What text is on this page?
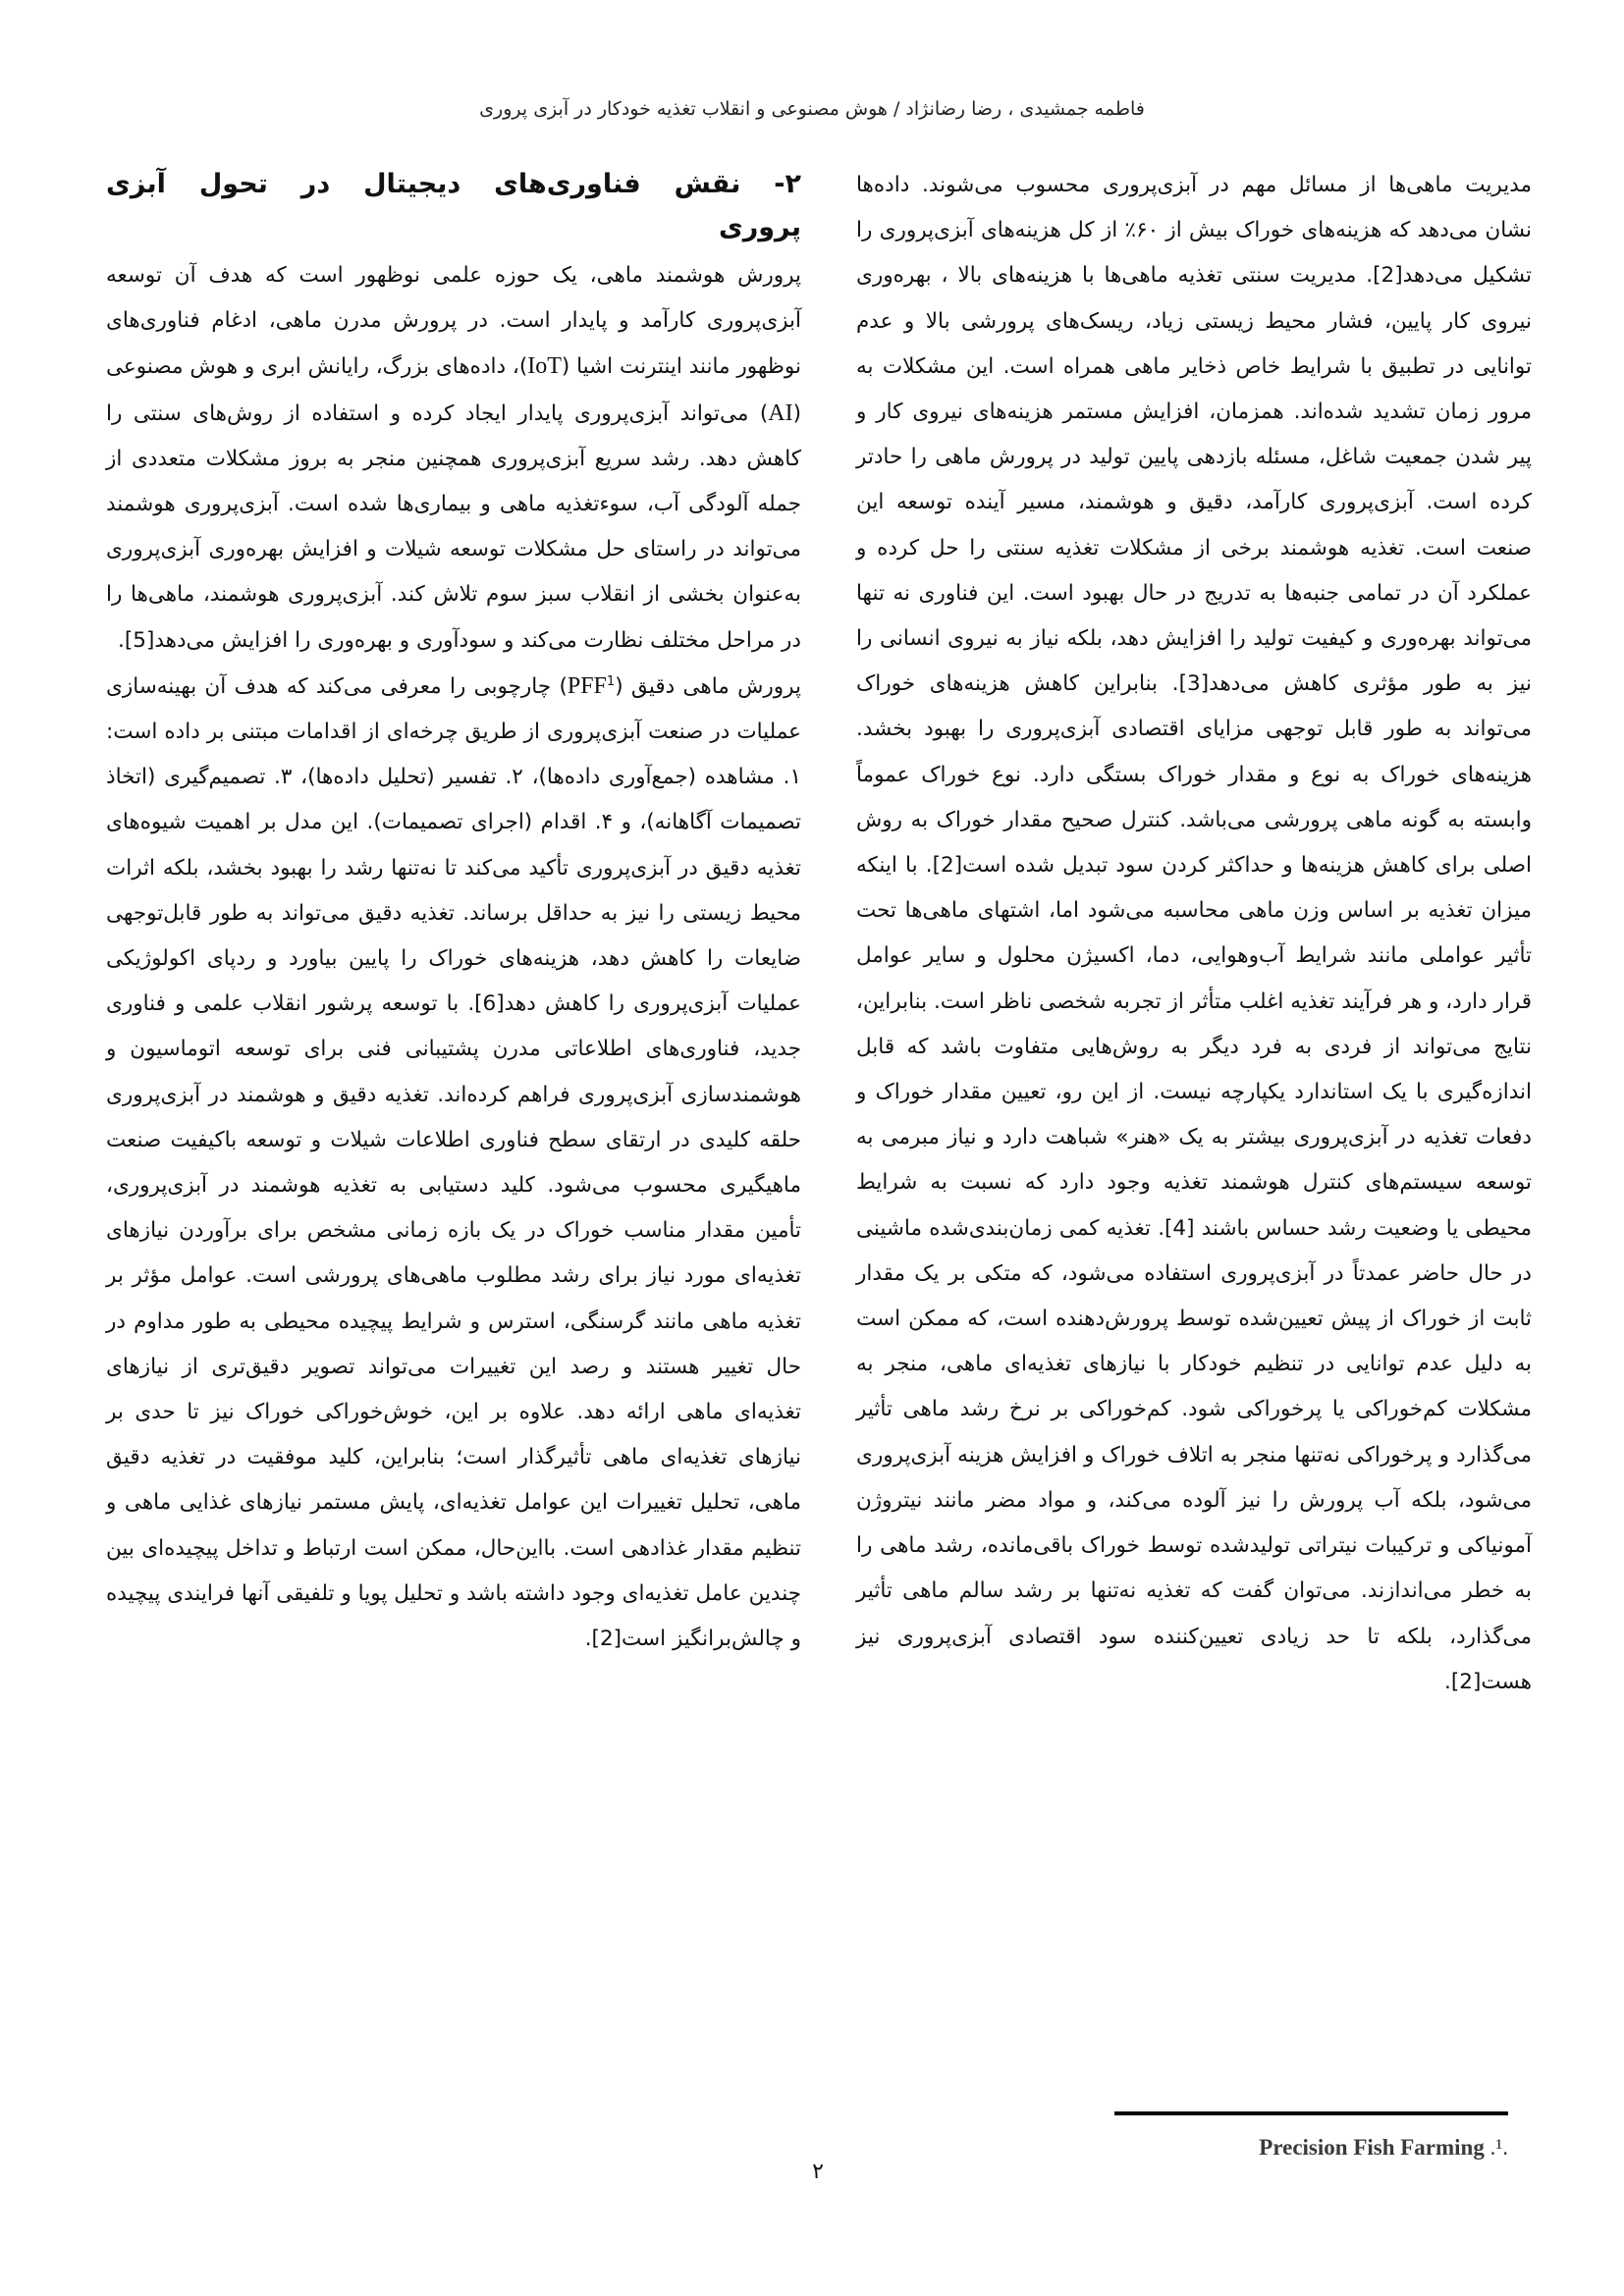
فاطمه جمشیدی ، رضا رضانژاد / هوش مصنوعی و انقلاب تغذیه خودکار در آبزی پروری

مدیریت ماهی‌ها از مسائل مهم در آبزی‌پروری محسوب می‌شوند. داده‌ها نشان می‌دهد که هزینه‌های خوراک بیش از ۶۰٪ از کل هزینه‌های آبزی‌پروری را تشکیل می‌دهد[2]. مدیریت سنتی تغذیه ماهی‌ها با هزینه‌های بالا ، بهره‌وری نیروی کار پایین، فشار محیط زیستی زیاد، ریسک‌های پرورشی بالا و عدم توانایی در تطبیق با شرایط خاص ذخایر ماهی همراه است. این مشکلات به مرور زمان تشدید شده‌اند. همزمان، افزایش مستمر هزینه‌های نیروی کار و پیر شدن جمعیت شاغل، مسئله بازدهی پایین تولید در پرورش ماهی را حادتر کرده است. آبزی‌پروری کارآمد، دقیق و هوشمند، مسیر آینده توسعه این صنعت است. تغذیه هوشمند برخی از مشکلات تغذیه سنتی را حل کرده و عملکرد آن در تمامی جنبه‌ها به تدریج در حال بهبود است. این فناوری نه تنها می‌تواند بهره‌وری و کیفیت تولید را افزایش دهد، بلکه نیاز به نیروی انسانی را نیز به طور مؤثری کاهش می‌دهد[3]. بنابراین کاهش هزینه‌های خوراک می‌تواند به طور قابل توجهی مزایای اقتصادی آبزی‌پروری را بهبود بخشد. هزینه‌های خوراک به نوع و مقدار خوراک بستگی دارد. نوع خوراک عموماً وابسته به گونه ماهی پرورشی می‌باشد. کنترل صحیح مقدار خوراک به روش اصلی برای کاهش هزینه‌ها و حداکثر کردن سود تبدیل شده است[2]. با اینکه میزان تغذیه بر اساس وزن ماهی محاسبه می‌شود اما، اشتهای ماهی‌ها تحت تأثیر عواملی مانند شرایط آب‌وهوایی، دما، اکسیژن محلول و سایر عوامل قرار دارد، و هر فرآیند تغذیه اغلب متأثر از تجربه شخصی ناظر است. بنابراین، نتایج می‌تواند از فردی به فرد دیگر به روش‌هایی متفاوت باشد که قابل اندازه‌گیری با یک استاندارد یکپارچه نیست. از این رو، تعیین مقدار خوراک و دفعات تغذیه در آبزی‌پروری بیشتر به یک «هنر» شباهت دارد و نیاز مبرمی به توسعه سیستم‌های کنترل هوشمند تغذیه وجود دارد که نسبت به شرایط محیطی یا وضعیت رشد حساس باشند [4]. تغذیه کمی زمان‌بندی‌شده ماشینی در حال حاضر عمدتاً در آبزی‌پروری استفاده می‌شود، که متکی بر یک مقدار ثابت از خوراک از پیش تعیین‌شده توسط پرورش‌دهنده است، که ممکن است به دلیل عدم توانایی در تنظیم خودکار با نیازهای تغذیه‌ای ماهی، منجر به مشکلات کم‌خوراکی یا پرخوراکی شود. کم‌خوراکی بر نرخ رشد ماهی تأثیر می‌گذارد و پرخوراکی نه‌تنها منجر به اتلاف خوراک و افزایش هزینه آبزی‌پروری می‌شود، بلکه آب پرورش را نیز آلوده می‌کند، و مواد مضر مانند نیتروژن آمونیاکی و ترکیبات نیتراتی تولیدشده توسط خوراک باقی‌مانده، رشد ماهی را به خطر می‌اندازند. می‌توان گفت که تغذیه نه‌تنها بر رشد سالم ماهی تأثیر می‌گذارد، بلکه تا حد زیادی تعیین‌کننده سود اقتصادی آبزی‌پروری نیز هست[2].

۲- نقش فناوری‌های دیجیتال در تحول آبزی پروری

پرورش هوشمند ماهی، یک حوزه علمی نوظهور است که هدف آن توسعه آبزی‌پروری کارآمد و پایدار است. در پرورش مدرن ماهی، ادغام فناوری‌های نوظهور مانند اینترنت اشیا (IoT)، داده‌های بزرگ، رایانش ابری و هوش مصنوعی (AI) می‌تواند آبزی‌پروری پایدار ایجاد کرده و استفاده از روش‌های سنتی را کاهش دهد. رشد سریع آبزی‌پروری همچنین منجر به بروز مشکلات متعددی از جمله آلودگی آب، سوءتغذیه ماهی و بیماری‌ها شده است. آبزی‌پروری هوشمند می‌تواند در راستای حل مشکلات توسعه شیلات و افزایش بهره‌وری آبزی‌پروری به‌عنوان بخشی از انقلاب سبز سوم تلاش کند. آبزی‌پروری هوشمند، ماهی‌ها را در مراحل مختلف نظارت می‌کند و سودآوری و بهره‌وری را افزایش می‌دهد[5].

پرورش ماهی دقیق (PFF$^1$) چارچوبی را معرفی می‌کند که هدف آن بهینه‌سازی عملیات در صنعت آبزی‌پروری از طریق چرخه‌ای از اقدامات مبتنی بر داده است: ۱. مشاهده (جمع‌آوری داده‌ها)، ۲. تفسیر (تحلیل داده‌ها)، ۳. تصمیم‌گیری (اتخاذ تصمیمات آگاهانه)، و ۴. اقدام (اجرای تصمیمات). این مدل بر اهمیت شیوه‌های تغذیه دقیق در آبزی‌پروری تأکید می‌کند تا نه‌تنها رشد را بهبود بخشد، بلکه اثرات محیط زیستی را نیز به حداقل برساند. تغذیه دقیق می‌تواند به طور قابل‌توجهی ضایعات را کاهش دهد، هزینه‌های خوراک را پایین بیاورد و ردپای اکولوژیکی عملیات آبزی‌پروری را کاهش دهد[6]. با توسعه پرشور انقلاب علمی و فناوری جدید، فناوری‌های اطلاعاتی مدرن پشتیبانی فنی برای توسعه اتوماسیون و هوشمندسازی آبزی‌پروری فراهم کرده‌اند. تغذیه دقیق و هوشمند در آبزی‌پروری حلقه کلیدی در ارتقای سطح فناوری اطلاعات شیلات و توسعه باکیفیت صنعت ماهیگیری محسوب می‌شود. کلید دستیابی به تغذیه هوشمند در آبزی‌پروری، تأمین مقدار مناسب خوراک در یک بازه زمانی مشخص برای برآوردن نیازهای تغذیه‌ای مورد نیاز برای رشد مطلوب ماهی‌های پرورشی است. عوامل مؤثر بر تغذیه ماهی مانند گرسنگی، استرس و شرایط پیچیده محیطی به طور مداوم در حال تغییر هستند و رصد این تغییرات می‌تواند تصویر دقیق‌تری از نیازهای تغذیه‌ای ماهی ارائه دهد. علاوه بر این، خوش‌خوراکی خوراک نیز تا حدی بر نیازهای تغذیه‌ای ماهی تأثیرگذار است؛ بنابراین، کلید موفقیت در تغذیه دقیق ماهی، تحلیل تغییرات این عوامل تغذیه‌ای، پایش مستمر نیازهای غذایی ماهی و تنظیم مقدار غذادهی است. بااین‌حال، ممکن است ارتباط و تداخل پیچیده‌ای بین چندین عامل تغذیه‌ای وجود داشته باشد و تحلیل پویا و تلفیقی آنها فرایندی پیچیده و چالش‌برانگیز است[2].

Precision Fish Farming .¹.
۲
